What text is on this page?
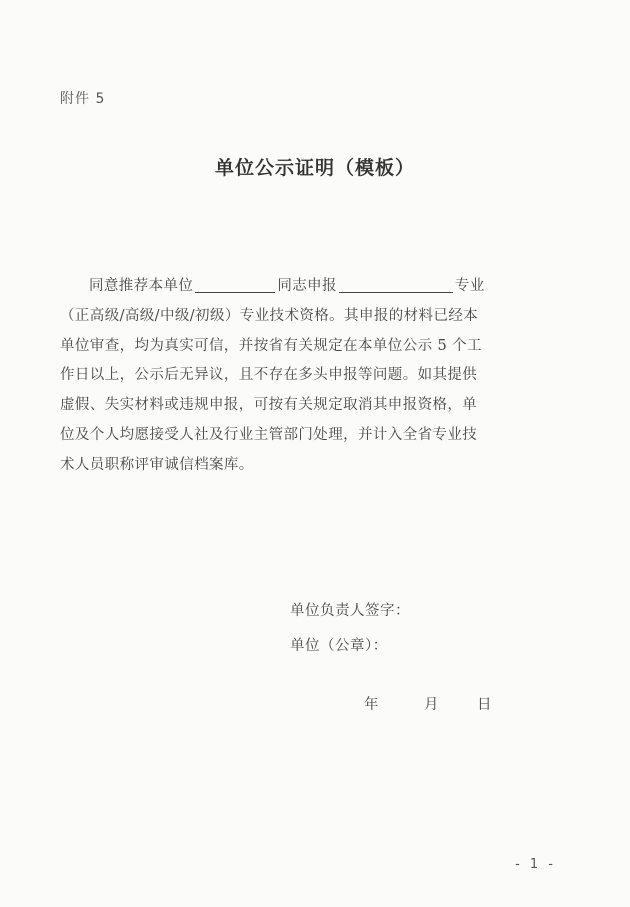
附件 5
单位公示证明（模板）
同意推荐本单位	同志申报	专业
（正高级/高级/中级/初级）专业技术资格。其申报的材料已经本
单位审查，均为真实可信，并按省有关规定在本单位公示 5 个工
作日以上，公示后无异议，且不存在多头申报等问题。如其提供
虚假、失实材料或违规申报，可按有关规定取消其申报资格，单
位及个人均愿接受人社及行业主管部门处理，并计入全省专业技
术人员职称评审诚信档案库。
单位负责人签字：
单位（公章）：
年	月	日
- 1 -
